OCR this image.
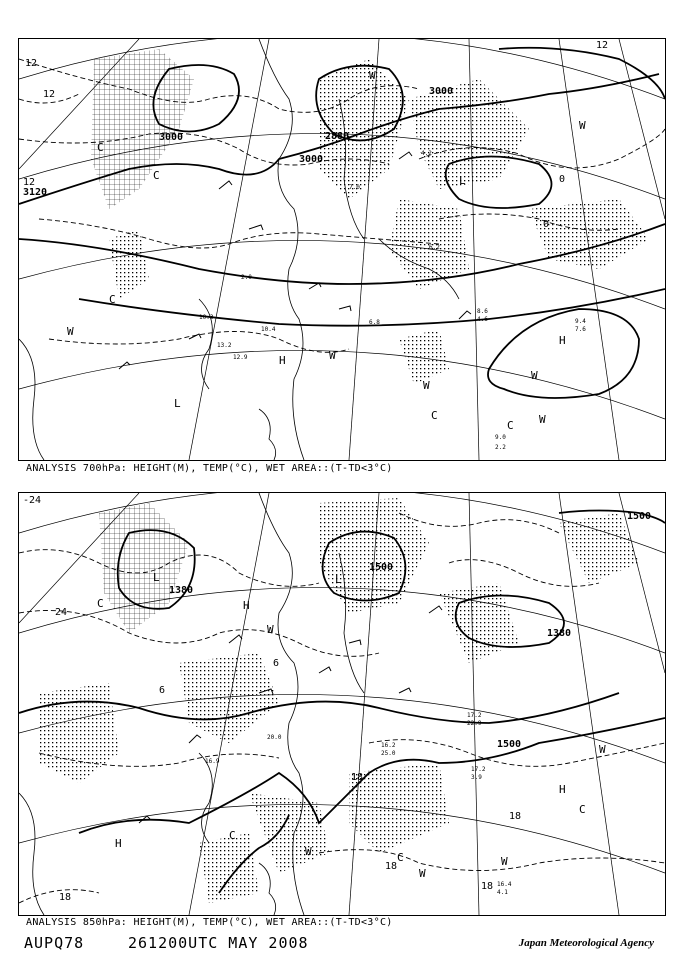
3000	2880
3000
3120
3000
12
12
12
12
0
0
H
H
L
L
C
C
C
C
C
W
W
W
W
W
W
W
2.0
4.2
10.3
13.2
7.0
6.2
10.4
12.9
9.0
2.2
9.4
7.6
8.6
4.6
6.8
ANALYSIS 700hPa: HEIGHT(M), TEMP(°C), WET AREA::(T-TD<3°C)
1500
1500
1380
1380
1500
-24
24
18
18
18
18
18
6
6
H
H
H
L	L
C
C
C
C
W
W
W
W
W
20.0
16.9
17.2
22.9
17.2
3.9
16.4
4.1
16.2
25.0
ANALYSIS 850hPa: HEIGHT(M), TEMP(°C), WET AREA::(T-TD<3°C)
AUPQ78	261200UTC MAY 2008	Japan Meteorological Agency
